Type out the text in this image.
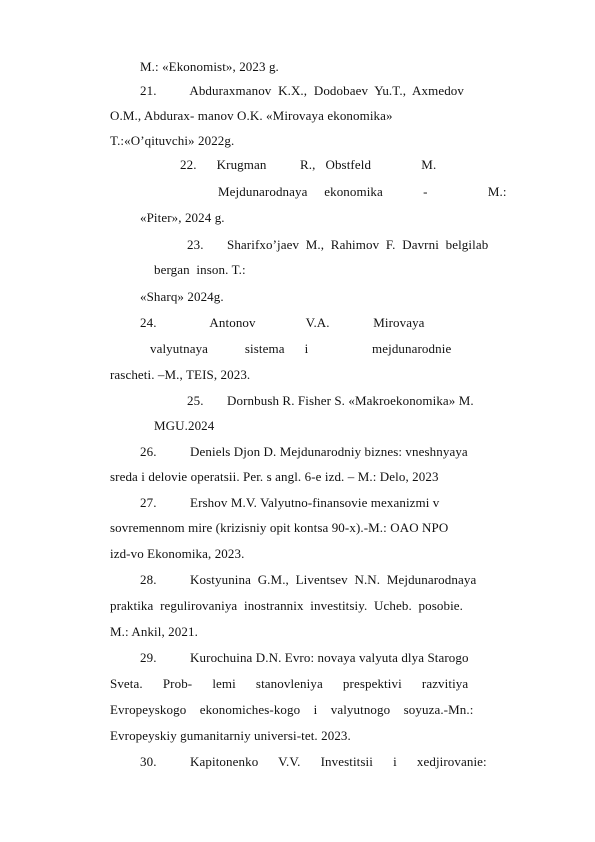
M.: «Ekonomist», 2023 g.
21.          Abduraxmanov  K.X.,  Dodobaev  Yu.T.,  Axmedov
O.M., Abdurax- manov O.K. «Mirovaya ekonomika»
T.:«O’qituvchi» 2022g.
22.      Krugman          R.,   Obstfeld               M.
Mejdunarodnaya     ekonomika            -                  M.:
«Piter», 2024 g.
23.       Sharifxo’jaev  M.,  Rahimov  F.  Davrni  belgilab
bergan  inson. T.:
«Sharq» 2024g.
24.                Antonov               V.A.             Mirovaya
valyutnaya           sistema      i                   mejdunarodnie
rascheti. –M., TEIS, 2023.
25.       Dornbush R. Fisher S. «Makroekonomika» M.
MGU.2024
26.          Deniels Djon D. Mejdunarodniy biznes: vneshnyaya
sreda i delovie operatsii. Per. s angl. 6-e izd. – M.: Delo, 2023
27.          Ershov M.V. Valyutno-finansovie mexanizmi v
sovremennom mire (krizisniy opit kontsa 90-x).-M.: OAO NPO
izd-vo Ekonomika, 2023.
28.          Kostyunina  G.M.,  Liventsev  N.N.  Mejdunarodnaya
praktika  regulirovaniya  inostrannix  investitsiy.  Ucheb.  posobie.
M.: Ankil, 2021.
29.          Kurochuina D.N. Evro: novaya valyuta dlya Starogo
Sveta.      Prob-      lemi      stanovleniya      prespektivi      razvitiya
Evropeyskogo    ekonomiches-kogo    i    valyutnogo    soyuza.-Mn.:
Evropeyskiy gumanitarniy universi-tet. 2023.
30.          Kapitonenko      V.V.      Investitsii      i      xedjirovanie:
